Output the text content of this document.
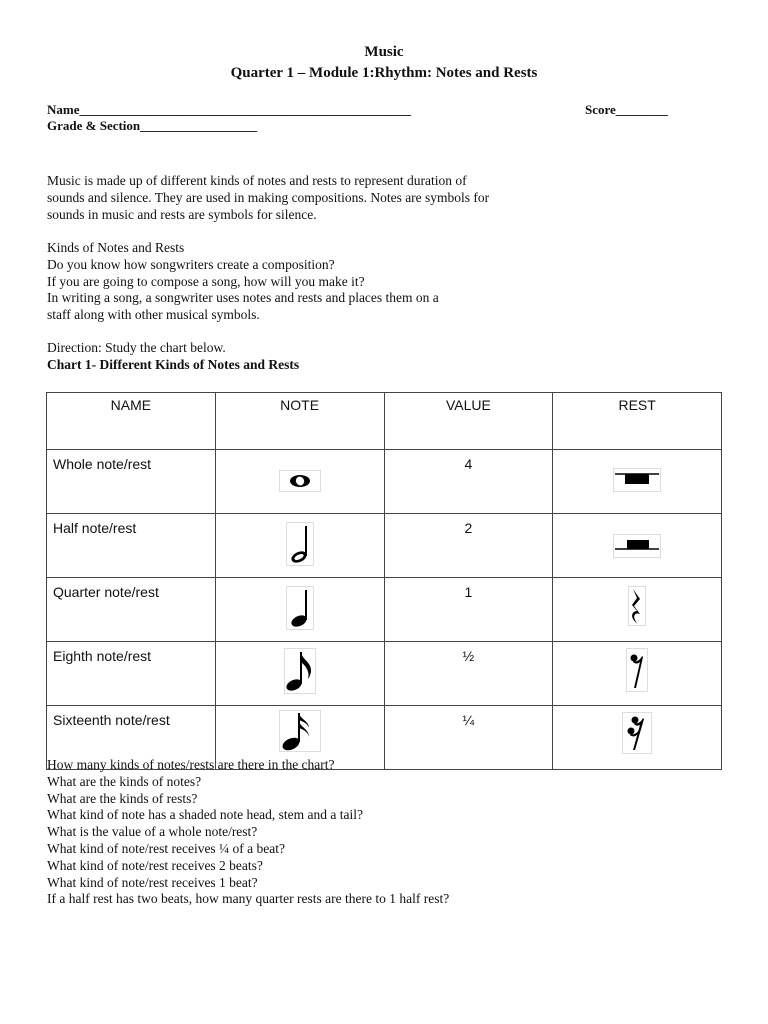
Music
Quarter 1 – Module 1:Rhythm: Notes and Rests
Name___________________________________________________	Score________
Grade & Section__________________
Music is made up of different kinds of notes and rests to represent duration of
sounds and silence. They are used in making compositions. Notes are symbols for
sounds in music and rests are symbols for silence.
Kinds of Notes and Rests
Do you know how songwriters create a composition?
If you are going to compose a song, how will you make it?
In writing a song, a songwriter uses notes and rests and places them on a
staff along with other musical symbols.
Direction: Study the chart below.
Chart 1- Different Kinds of Notes and Rests
NAME	NOTE	VALUE	REST
Whole note/rest		4	

Half note/rest		2	

Quarter note/rest		1	

Eighth note/rest		½	

Sixteenth note/rest		¼	
How many kinds of notes/rests are there in the chart?
What are the kinds of notes?
What are the kinds of rests?
What kind of note has a shaded note head, stem and a tail?
What is the value of a whole note/rest?
What kind of note/rest receives ¼ of a beat?
What kind of note/rest receives 2 beats?
What kind of note/rest receives 1 beat?
If a half rest has two beats, how many quarter rests are there to 1 half rest?
